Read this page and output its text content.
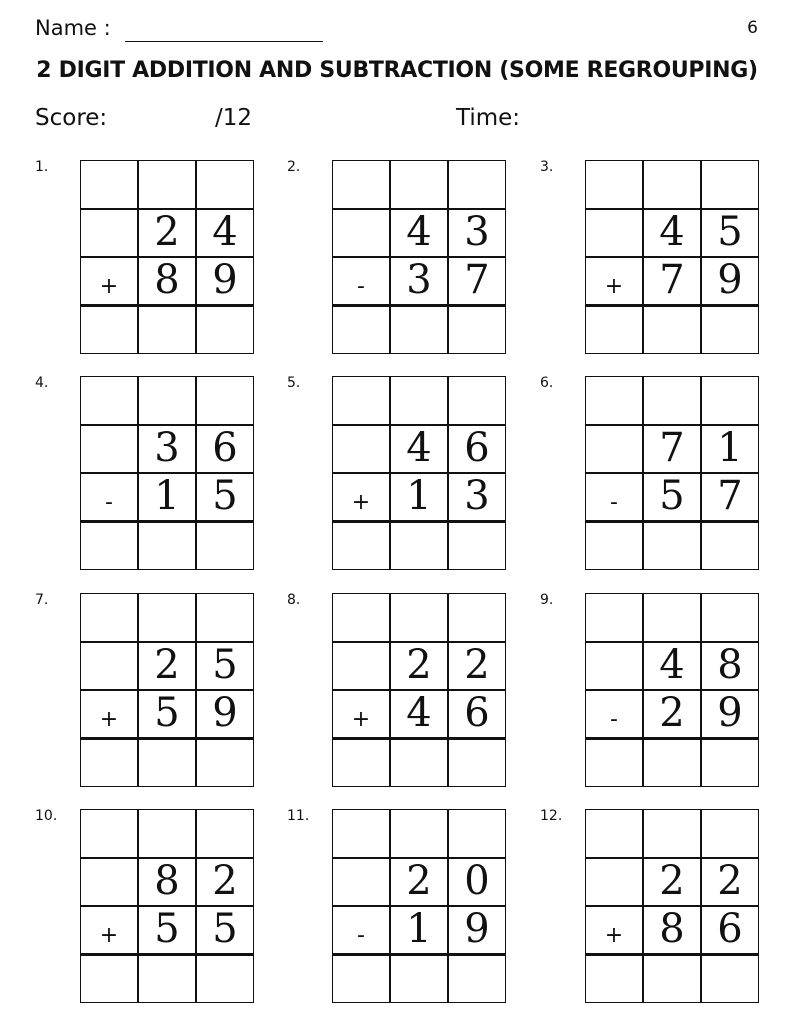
Name :	6
2 DIGIT ADDITION AND SUBTRACTION (SOME REGROUPING)
Score:	/12	Time:
1.
2 4
8 9
+
2.
4 3
3 7
-
3.
4 5
7 9
+
4.
3 6
1 5
-
5.
4 6
1 3
+
6.
7 1
5 7
-
7.
2 5
5 9
+
8.
2 2
4 6
+
9.
4 8
2 9
-
10.
8 2
5 5
+
11.
2 0
1 9
-
12.
2 2
8 6
+
